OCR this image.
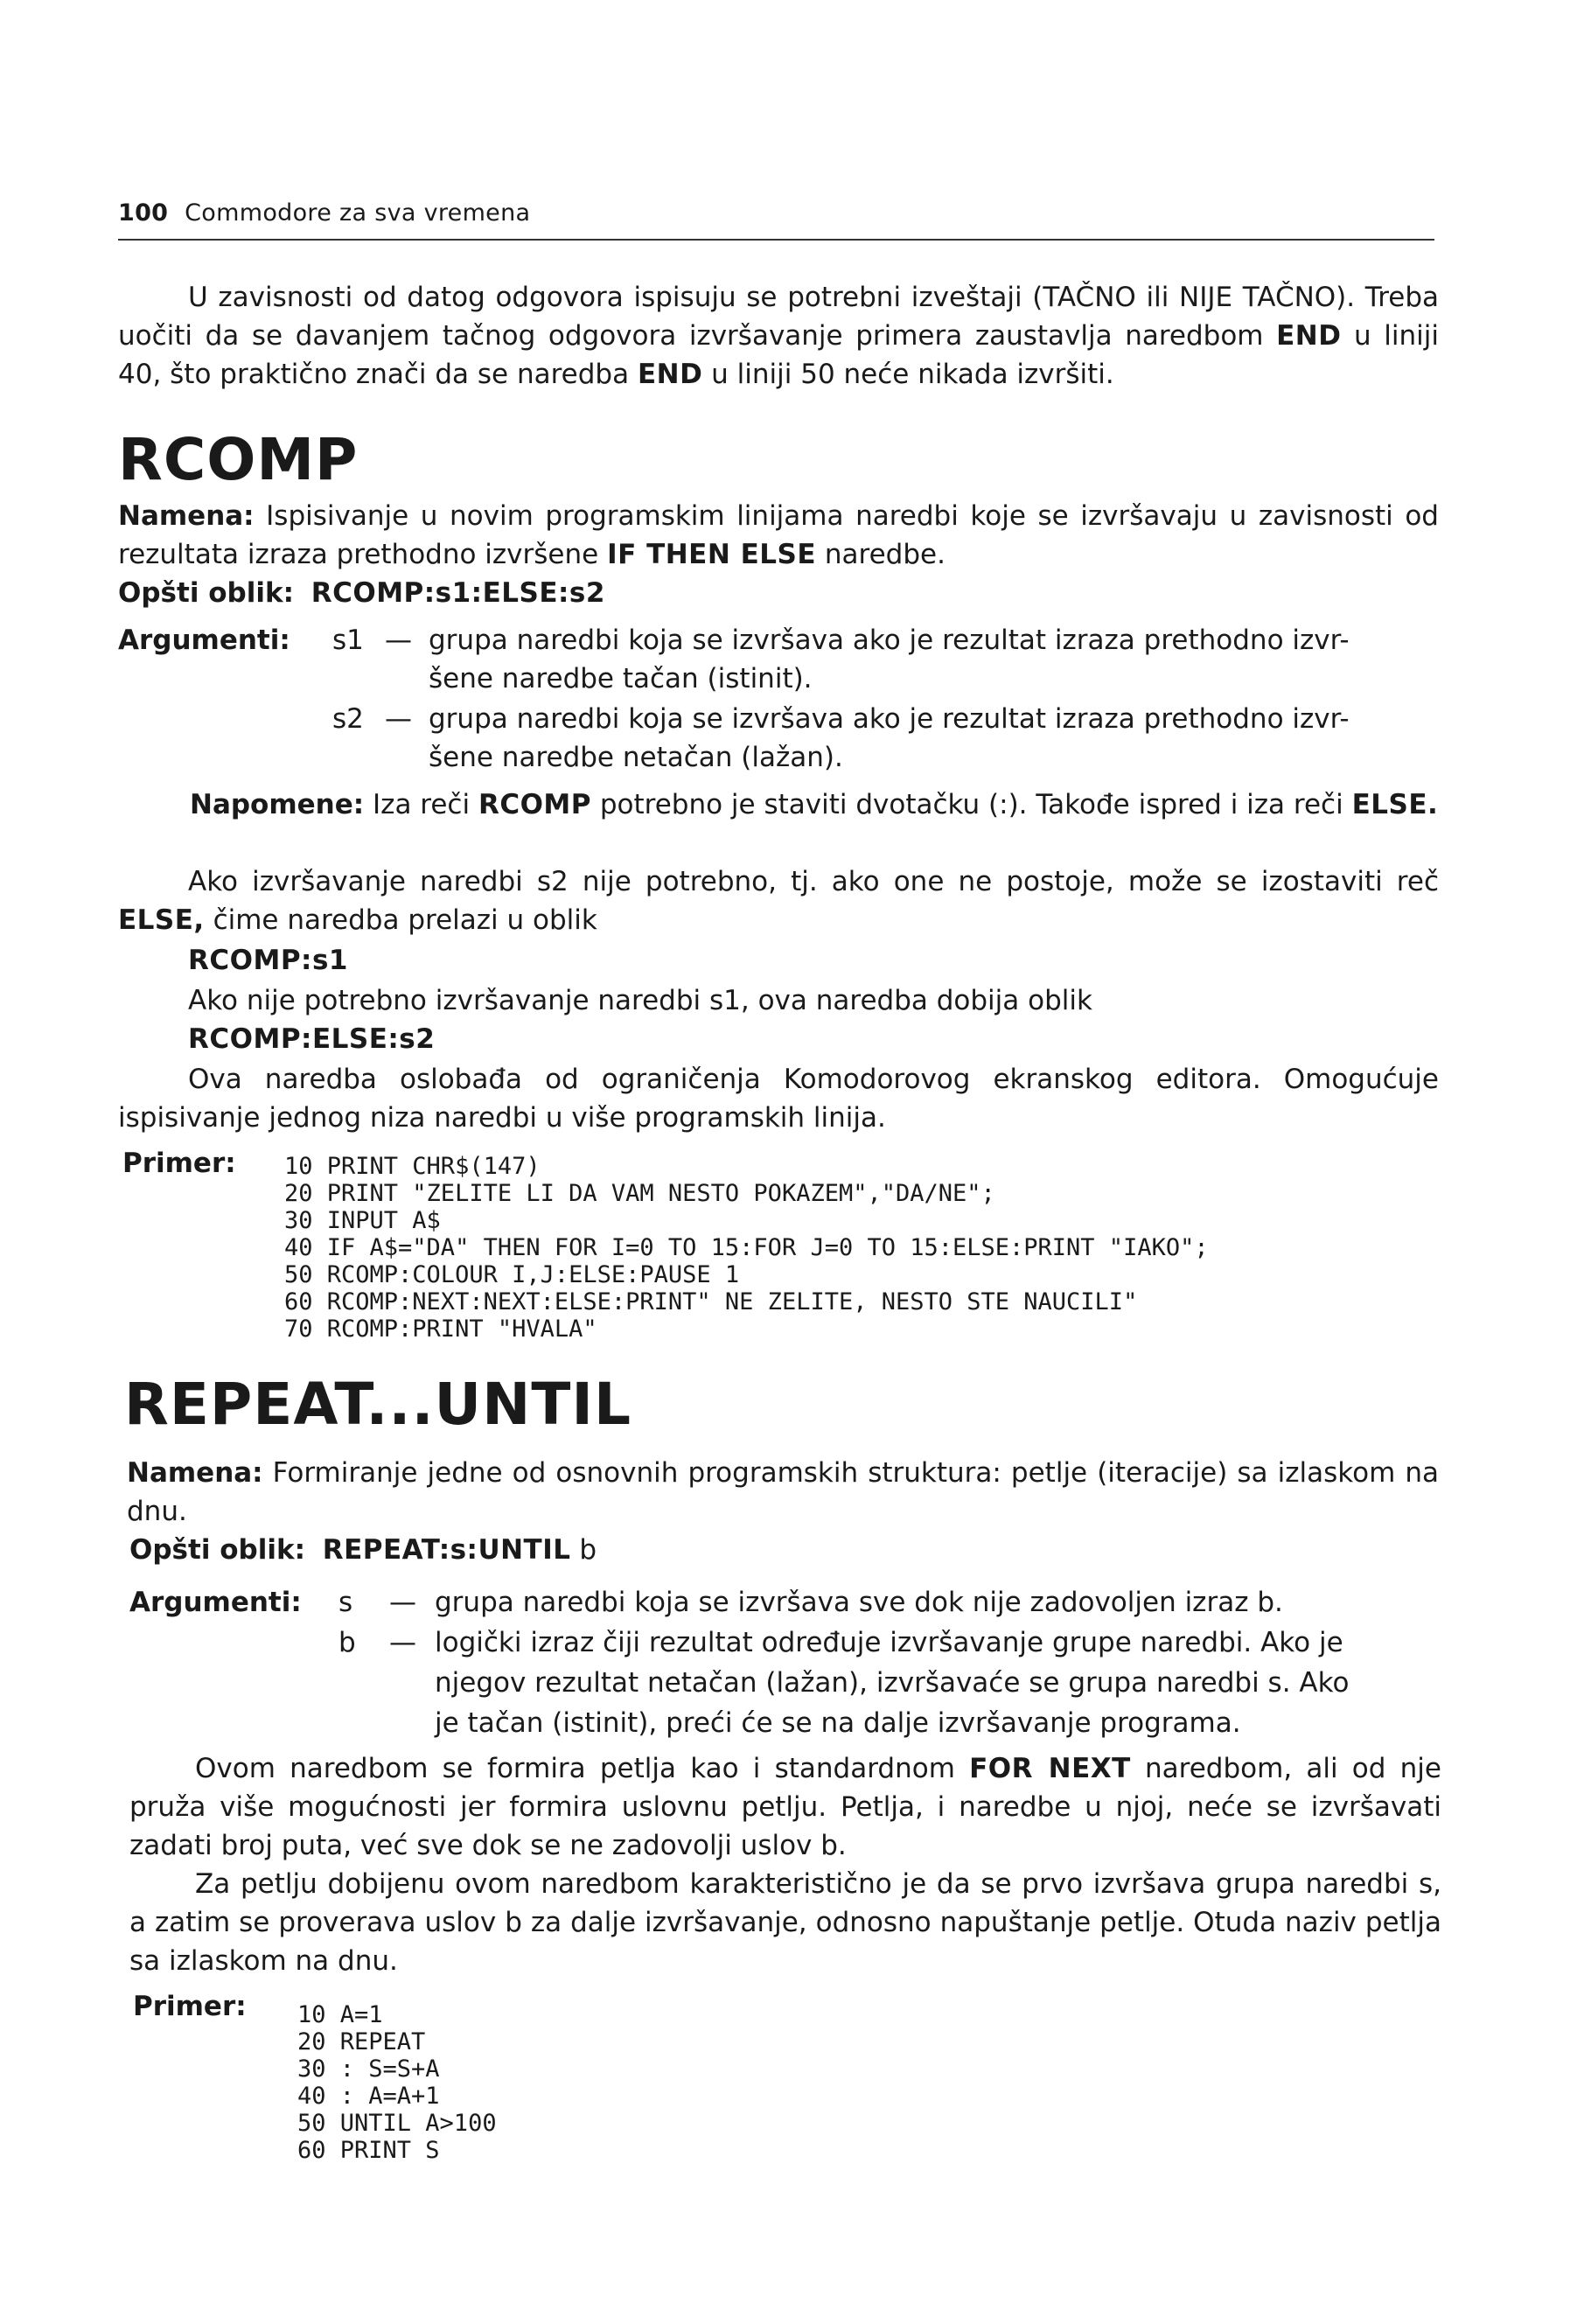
100 Commodore za sva vremena

U zavisnosti od datog odgovora ispisuju se potrebni izveštaji (TAČNO ili NIJE TAČNO). Treba uočiti da se davanjem tačnog odgovora izvršavanje primera zaustavlja naredbom END u liniji 40, što praktično znači da se naredba END u liniji 50 neće nikada izvršiti.

RCOMP

Namena: Ispisivanje u novim programskim linijama naredbi koje se izvršavaju u zavisnosti od rezultata izraza prethodno izvršene IF THEN ELSE naredbe.

Opšti oblik: RCOMP:s1:ELSE:s2

Argumenti: s1 — grupa naredbi koja se izvršava ako je rezultat izraza prethodno izvr-
šene naredbe tačan (istinit).
s2 — grupa naredbi koja se izvršava ako je rezultat izraza prethodno izvr-
šene naredbe netačan (lažan).

Napomene: Iza reči RCOMP potrebno je staviti dvotačku (:). Takođe ispred i iza reči ELSE.

Ako izvršavanje naredbi s2 nije potrebno, tj. ako one ne postoje, može se izostaviti reč ELSE, čime naredba prelazi u oblik

RCOMP:s1

Ako nije potrebno izvršavanje naredbi s1, ova naredba dobija oblik

RCOMP:ELSE:s2

Ova naredba oslobađa od ograničenja Komodorovog ekranskog editora. Omogućuje ispisivanje jednog niza naredbi u više programskih linija.

Primer: 10 PRINT CHR$(147)
20 PRINT "ZELITE LI DA VAM NESTO POKAZEM","DA/NE";
30 INPUT A$
40 IF A$="DA" THEN FOR I=0 TO 15:FOR J=0 TO 15:ELSE:PRINT "IAKO";
50 RCOMP:COLOUR I,J:ELSE:PAUSE 1
60 RCOMP:NEXT:NEXT:ELSE:PRINT" NE ZELITE, NESTO STE NAUCILI"
70 RCOMP:PRINT "HVALA"
REPEAT...UNTIL

Namena: Formiranje jedne od osnovnih programskih struktura: petlje (iteracije) sa izlaskom na dnu.

Opšti oblik: REPEAT:s:UNTIL b

Argumenti: s — grupa naredbi koja se izvršava sve dok nije zadovoljen izraz b.
b — logički izraz čiji rezultat određuje izvršavanje grupe naredbi. Ako je
njegov rezultat netačan (lažan), izvršavaće se grupa naredbi s. Ako
je tačan (istinit), preći će se na dalje izvršavanje programa.

Ovom naredbom se formira petlja kao i standardnom FOR NEXT naredbom, ali od nje pruža više mogućnosti jer formira uslovnu petlju. Petlja, i naredbe u njoj, neće se izvršavati zadati broj puta, već sve dok se ne zadovolji uslov b.

Za petlju dobijenu ovom naredbom karakteristično je da se prvo izvršava grupa naredbi s, a zatim se proverava uslov b za dalje izvršavanje, odnosno napuštanje petlje. Otuda naziv petlja sa izlaskom na dnu.

Primer: 10 A=1
20 REPEAT
30 : S=S+A
40 : A=A+1
50 UNTIL A>100
60 PRINT S
